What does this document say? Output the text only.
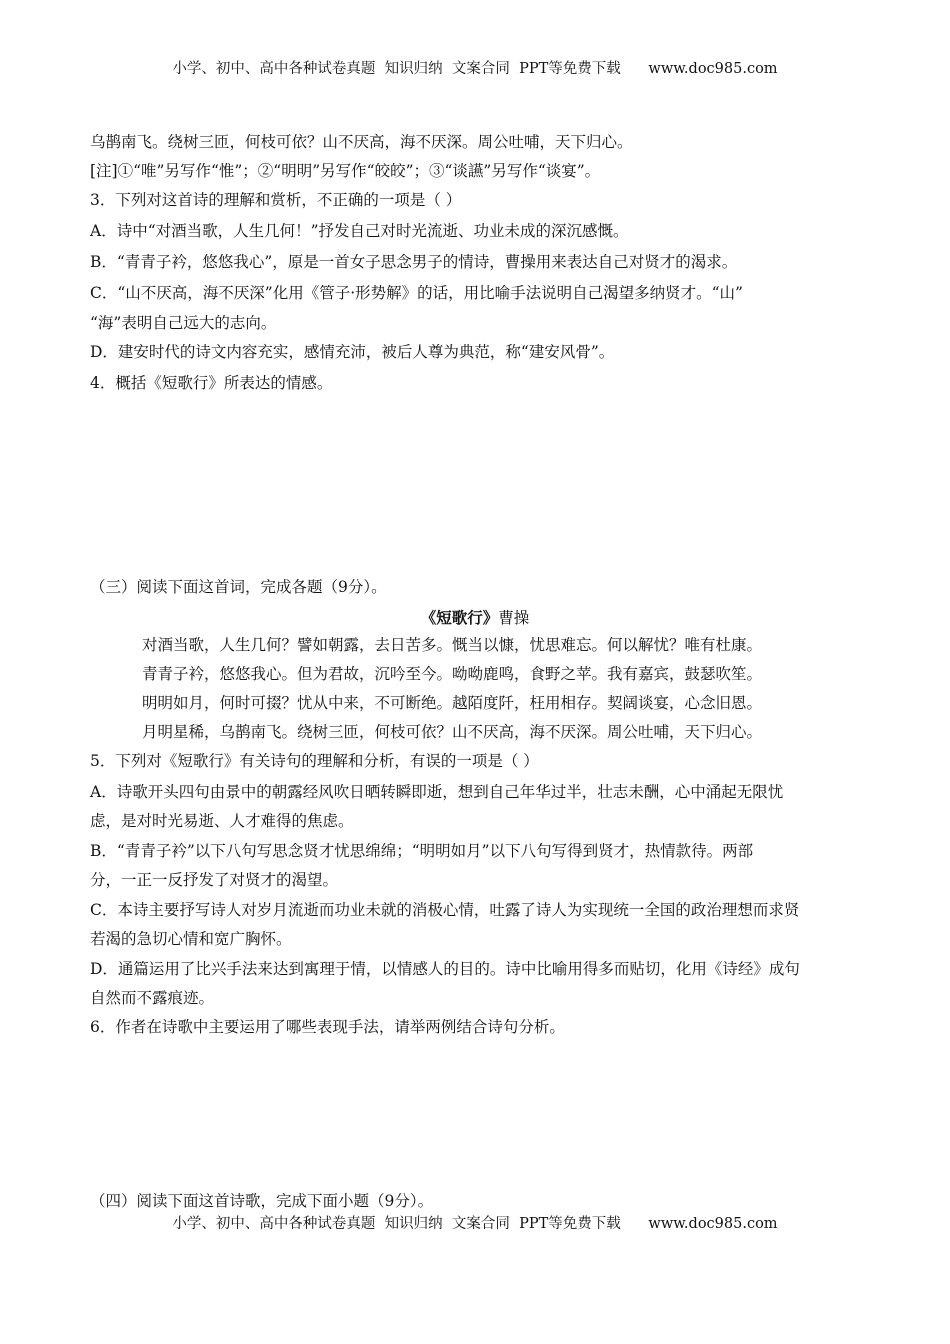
小学、初中、高中各种试卷真题  知识归纳  文案合同  PPT等免费下载      www.doc985.com
乌鹊南飞。绕树三匝，何枝可依？山不厌高，海不厌深。周公吐哺，天下归心。
[注]①“唯”另写作“惟”；②“明明”另写作“皎皎”；③“谈讌”另写作“谈宴”。
3．下列对这首诗的理解和赏析，不正确的一项是（ ）
A．诗中“对酒当歌，人生几何！”抒发自己对时光流逝、功业未成的深沉感慨。
B．“青青子衿，悠悠我心”，原是一首女子思念男子的情诗，曹操用来表达自己对贤才的渴求。
C．“山不厌高，海不厌深”化用《管子·形势解》的话，用比喻手法说明自己渴望多纳贤才。“山”
“海”表明自己远大的志向。
D．建安时代的诗文内容充实，感情充沛，被后人尊为典范，称“建安风骨”。
4．概括《短歌行》所表达的情感。
（三）阅读下面这首词，完成各题（9分）。
《短歌行》曹操
对酒当歌，人生几何？譬如朝露，去日苦多。慨当以慷，忧思难忘。何以解忧？唯有杜康。
青青子衿，悠悠我心。但为君故，沉吟至今。呦呦鹿鸣，食野之苹。我有嘉宾，鼓瑟吹笙。
明明如月，何时可掇？忧从中来，不可断绝。越陌度阡，枉用相存。契阔谈宴，心念旧恩。
月明星稀，乌鹊南飞。绕树三匝，何枝可依？山不厌高，海不厌深。周公吐哺，天下归心。
5．下列对《短歌行》有关诗句的理解和分析，有误的一项是（ ）
A．诗歌开头四句由景中的朝露经风吹日晒转瞬即逝，想到自己年华过半，壮志未酬，心中涌起无限忧
虑，是对时光易逝、人才难得的焦虑。
B．“青青子衿”以下八句写思念贤才忧思绵绵；“明明如月”以下八句写得到贤才，热情款待。两部
分，一正一反抒发了对贤才的渴望。
C．本诗主要抒写诗人对岁月流逝而功业未就的消极心情，吐露了诗人为实现统一全国的政治理想而求贤
若渴的急切心情和宽广胸怀。
D．通篇运用了比兴手法来达到寓理于情，以情感人的目的。诗中比喻用得多而贴切，化用《诗经》成句
自然而不露痕迹。
6．作者在诗歌中主要运用了哪些表现手法，请举两例结合诗句分析。
（四）阅读下面这首诗歌，完成下面小题（9分）。
小学、初中、高中各种试卷真题  知识归纳  文案合同  PPT等免费下载      www.doc985.com
